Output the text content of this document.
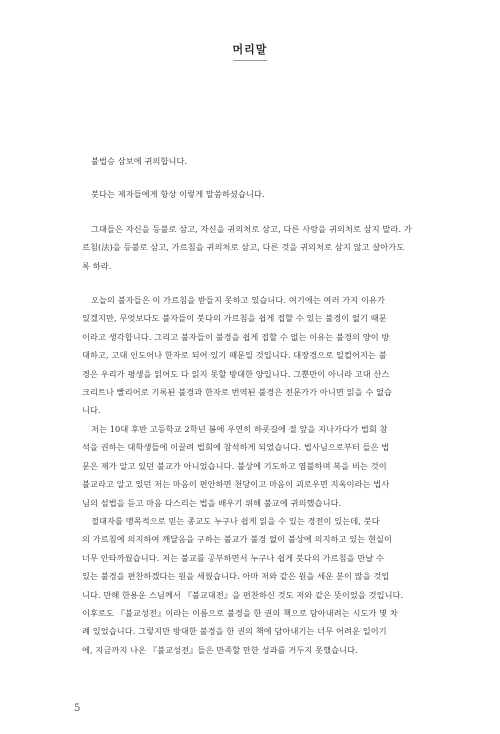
머리말

불법승 삼보에 귀의합니다.

붓다는 제자들에게 항상 이렇게 말씀하셨습니다.

그대들은 자신을 등불로 삼고, 자신을 귀의처로 삼고, 다른 사람을 귀의처로 삼지 말라. 가
르침(法)을 등불로 삼고, 가르침을 귀의처로 삼고, 다른 것을 귀의처로 삼지 않고 살아가도
록 하라.

오늘의 불자들은 이 가르침을 받들지 못하고 있습니다. 여기에는 여러 가지 이유가
있겠지만, 무엇보다도 불자들이 붓다의 가르침을 쉽게 접할 수 있는 불경이 없기 때문
이라고 생각합니다. 그리고 불자들이 불경을 쉽게 접할 수 없는 이유는 불경의 양이 방
대하고, 고대 인도어나 한자로 되어 있기 때문일 것입니다. 대장경으로 일컬어지는 불
경은 우리가 평생을 읽어도 다 읽지 못할 방대한 양입니다. 그뿐만이 아니라 고대 산스
크리트나 빨리어로 기록된 불경과 한자로 번역된 불경은 전문가가 아니면 읽을 수 없습
니다.

저는 10대 후반 고등학교 2학년 봄에 우연히 하굣길에 절 앞을 지나가다가 법회 참
석을 권하는 대학생들에 이끌려 법회에 참석하게 되었습니다. 법사님으로부터 들은 법
문은 제가 알고 있던 불교가 아니었습니다. 불상에 기도하고 염불하며 복을 비는 것이
불교라고 알고 있던 저는 마음이 편안하면 천당이고 마음이 괴로우면 지옥이라는 법사
님의 설법을 듣고 마음 다스리는 법을 배우기 위해 불교에 귀의했습니다.

절대자를 맹목적으로 믿는 종교도 누구나 쉽게 읽을 수 있는 경전이 있는데, 붓다
의 가르침에 의지하여 깨달음을 구하는 불교가 불경 없이 불상에 의지하고 있는 현실이
너무 안타까웠습니다. 저는 불교를 공부하면서 누구나 쉽게 붓다의 가르침을 만날 수
있는 불경을 편찬하겠다는 원을 세웠습니다. 아마 저와 같은 원을 세운 분이 많을 것입
니다. 만해 한용운 스님께서 『불교대전』을 편찬하신 것도 저와 같은 뜻이었을 것입니다.
이후로도 『불교성전』이라는 이름으로 불경을 한 권의 책으로 담아내려는 시도가 몇 차
례 있었습니다. 그렇지만 방대한 불경을 한 권의 책에 담아내기는 너무 어려운 일이기
에, 지금까지 나온 『불교성전』들은 만족할 만한 성과를 거두지 못했습니다.

5
